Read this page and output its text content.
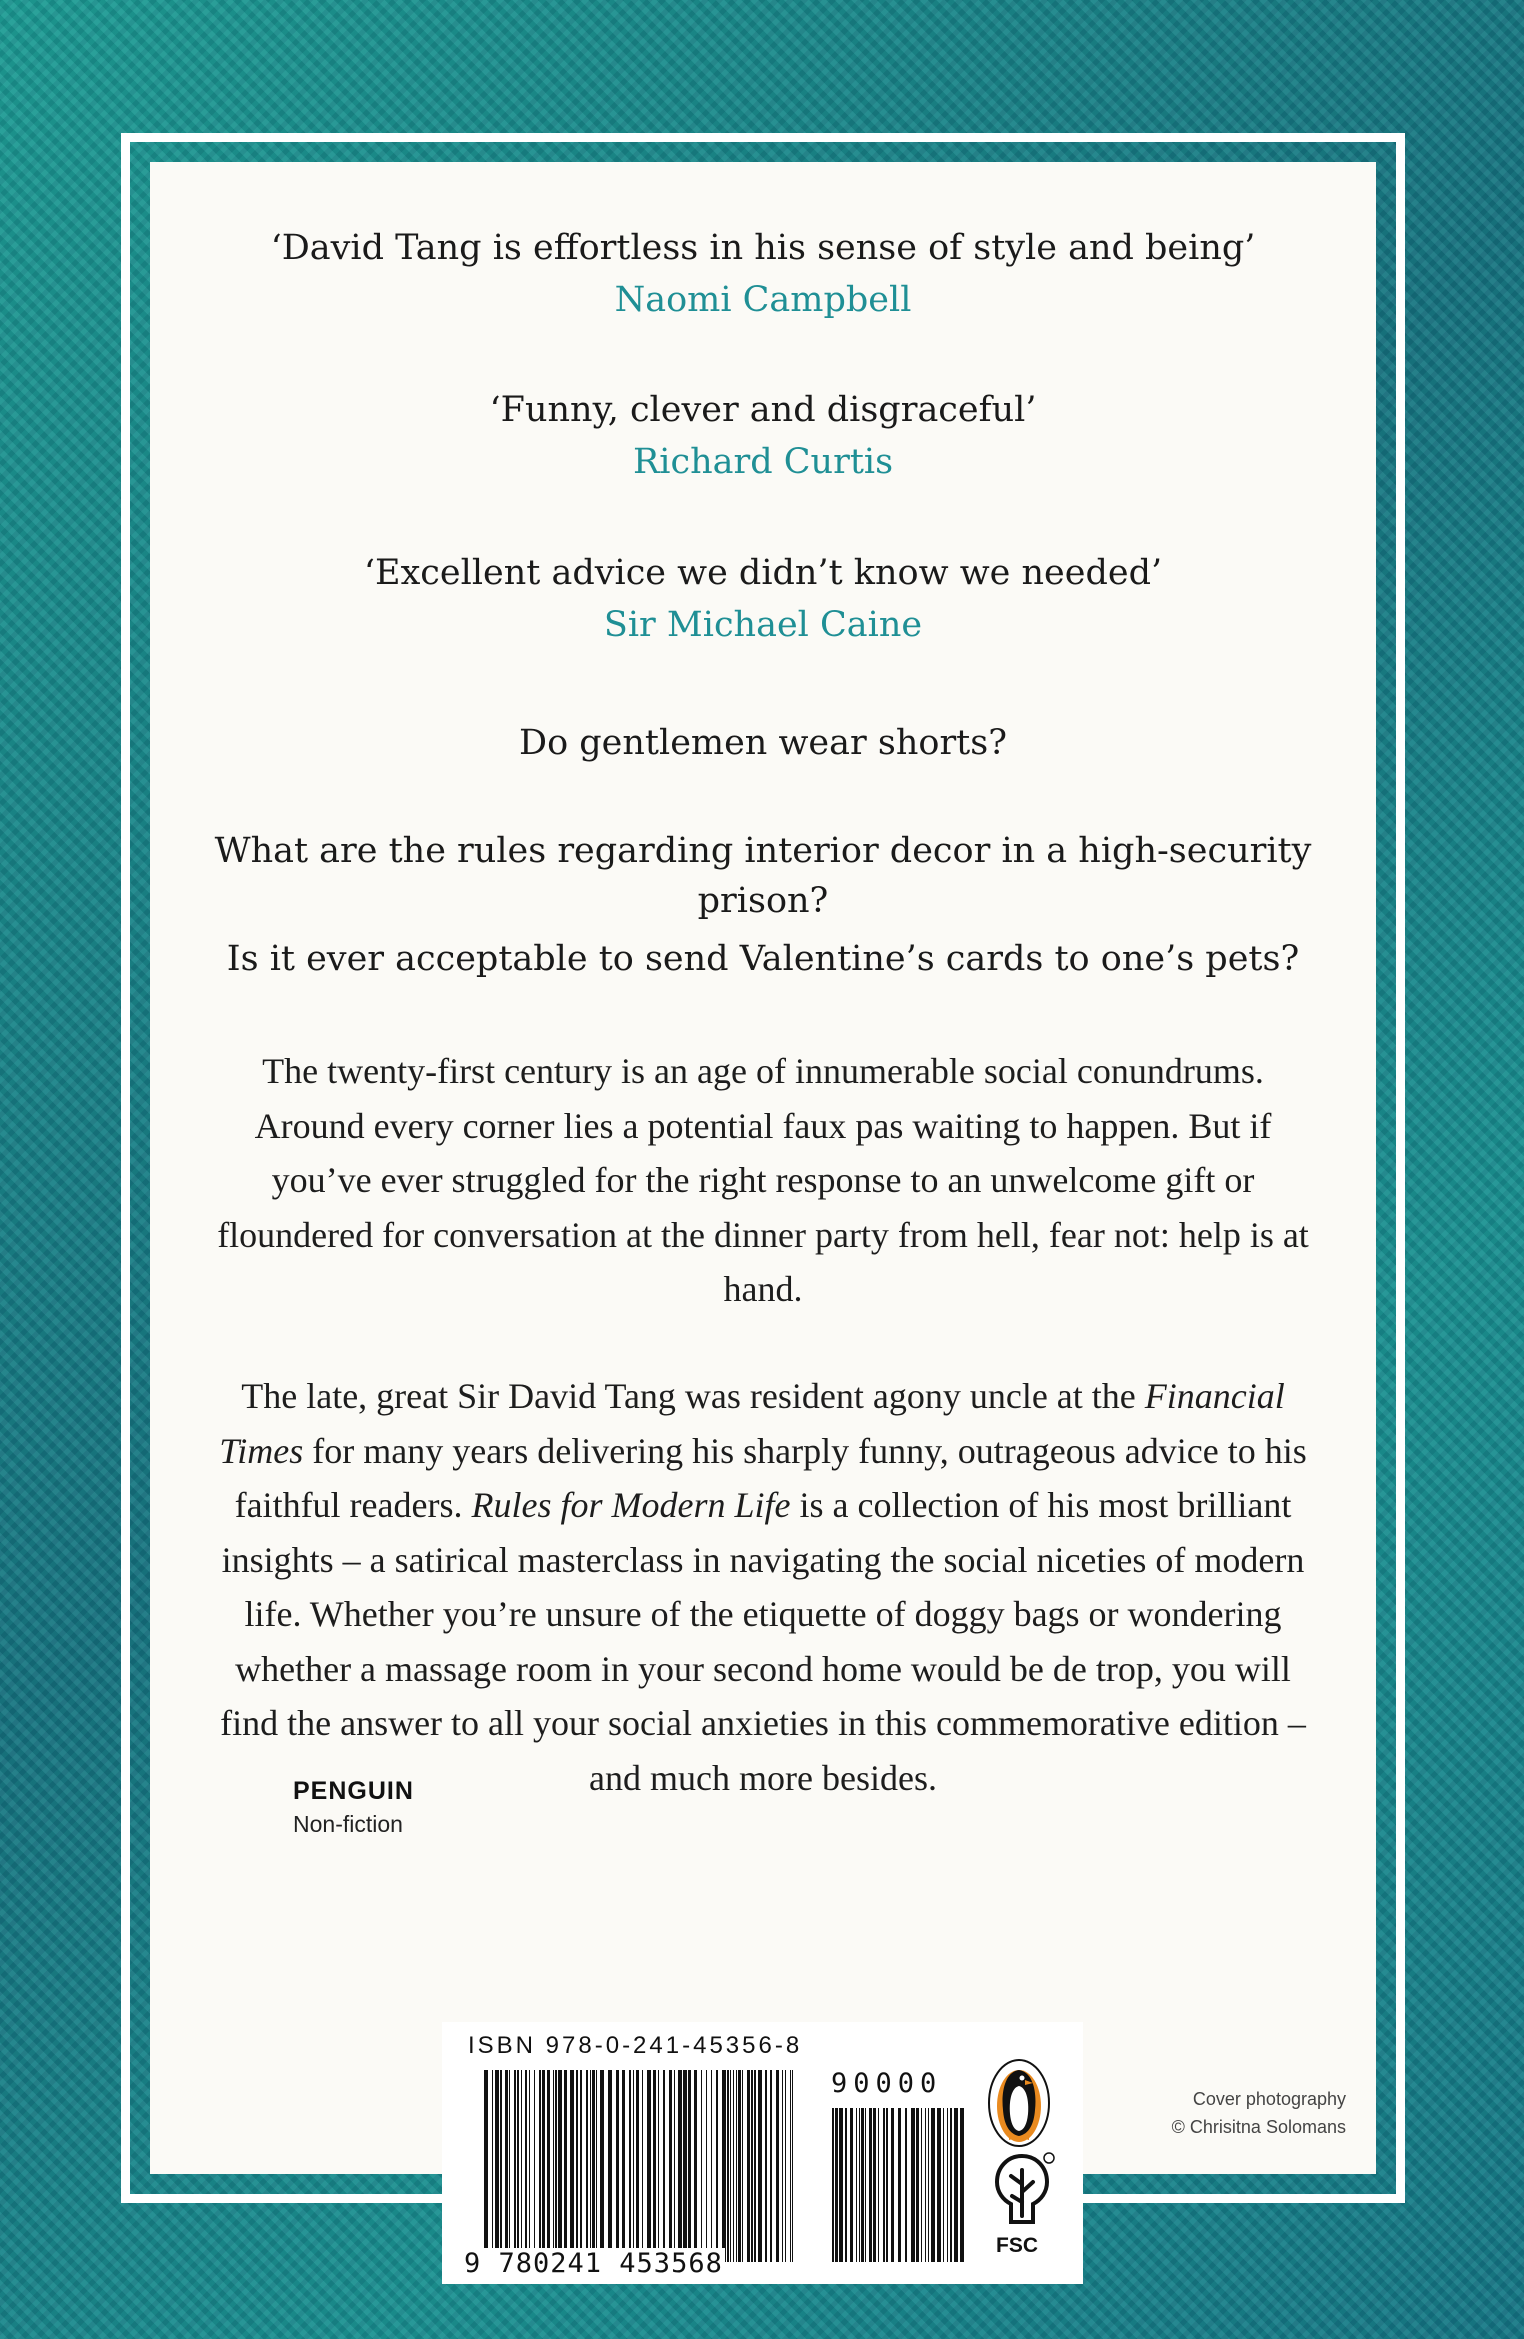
‘David Tang is effortless in his sense of style and being’
Naomi Campbell
‘Funny, clever and disgraceful’
Richard Curtis
‘Excellent advice we didn’t know we needed’
Sir Michael Caine
Do gentlemen wear shorts?
What are the rules regarding interior decor in a high-security prison?
Is it ever acceptable to send Valentine’s cards to one’s pets?

The twenty-first century is an age of innumerable social conundrums. Around every corner lies a potential faux pas waiting to happen. But if you’ve ever struggled for the right response to an unwelcome gift or floundered for conversation at the dinner party from hell, fear not: help is at hand.

The late, great Sir David Tang was resident agony uncle at the Financial Times for many years delivering his sharply funny, outrageous advice to his faithful readers. Rules for Modern Life is a collection of his most brilliant insights – a satirical masterclass in navigating the social niceties of modern life. Whether you’re unsure of the etiquette of doggy bags or wondering whether a massage room in your second home would be de trop, you will find the answer to all your social anxieties in this commemorative edition – and much more besides.

PENGUIN
Non-fiction
ISBN 978-0-241-45356-8
90000
9 780241 453568
FSC
Cover photography
© Chrisitna Solomans
